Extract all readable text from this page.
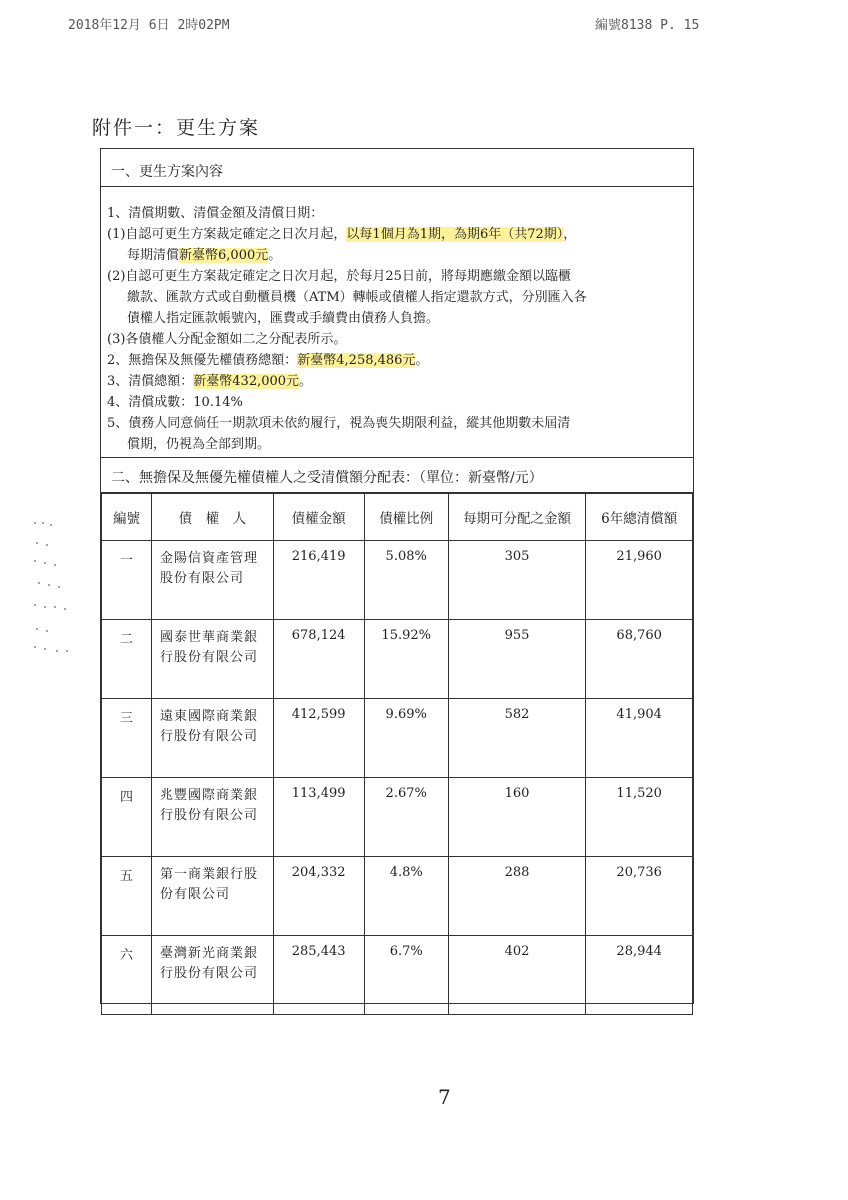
2018年12月 6日 2時02PM	編號8138 P. 15
附件一：更生方案
一、更生方案內容

1、清償期數、清償金額及清償日期：

(1)自認可更生方案裁定確定之日次月起，以每1個月為1期，為期6年（共72期），

每期清償新臺幣6,000元。

(2)自認可更生方案裁定確定之日次月起，於每月25日前，將每期應繳金額以臨櫃

繳款、匯款方式或自動櫃員機（ATM）轉帳或債權人指定還款方式，分別匯入各

債權人指定匯款帳號內，匯費或手續費由債務人負擔。

(3)各債權人分配金額如二之分配表所示。

2、無擔保及無優先權債務總額：新臺幣4,258,486元。

3、清償總額：新臺幣432,000元。

4、清償成數：10.14%

5、債務人同意倘任一期款項未依約履行，視為喪失期限利益，縱其他期數未屆清

償期，仍視為全部到期。

二、無擔保及無優先權債權人之受清償額分配表：（單位：新臺幣/元）
編號	債　權　人	債權金額	債權比例	每期可分配之金額	6年總清償額
一	金陽信資產管理股份有限公司	216,419	5.08%	305	21,960
二	國泰世華商業銀行股份有限公司	678,124	15.92%	955	68,760
三	遠東國際商業銀行股份有限公司	412,599	9.69%	582	41,904
四	兆豐國際商業銀行股份有限公司	113,499	2.67%	160	11,520
五	第一商業銀行股份有限公司	204,332	4.8%	288	20,736
六	臺灣新光商業銀行股份有限公司	285,443	6.7%	402	28,944
7
